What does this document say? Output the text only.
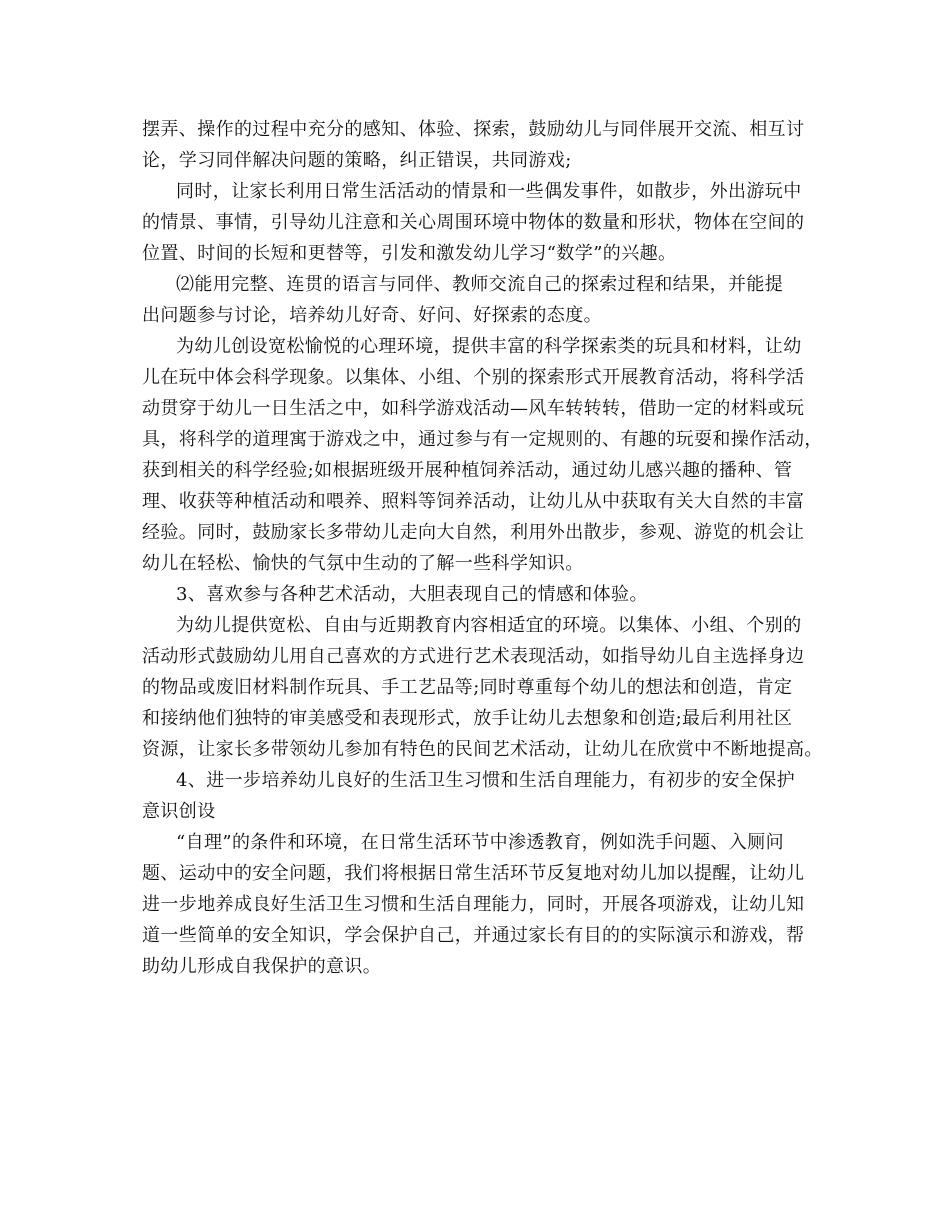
摆弄、操作的过程中充分的感知、体验、探索，鼓励幼儿与同伴展开交流、相互讨

论，学习同伴解决问题的策略，纠正错误，共同游戏;

同时，让家长利用日常生活活动的情景和一些偶发事件，如散步，外出游玩中

的情景、事情，引导幼儿注意和关心周围环境中物体的数量和形状，物体在空间的

位置、时间的长短和更替等，引发和激发幼儿学习“数学”的兴趣。

⑵能用完整、连贯的语言与同伴、教师交流自己的探索过程和结果，并能提

出问题参与讨论，培养幼儿好奇、好问、好探索的态度。

为幼儿创设宽松愉悦的心理环境，提供丰富的科学探索类的玩具和材料，让幼

儿在玩中体会科学现象。以集体、小组、个别的探索形式开展教育活动，将科学活

动贯穿于幼儿一日生活之中，如科学游戏活动—风车转转转，借助一定的材料或玩

具，将科学的道理寓于游戏之中，通过参与有一定规则的、有趣的玩耍和操作活动，

获到相关的科学经验;如根据班级开展种植饲养活动，通过幼儿感兴趣的播种、管

理、收获等种植活动和喂养、照料等饲养活动，让幼儿从中获取有关大自然的丰富

经验。同时，鼓励家长多带幼儿走向大自然，利用外出散步，参观、游览的机会让

幼儿在轻松、愉快的气氛中生动的了解一些科学知识。

3、喜欢参与各种艺术活动，大胆表现自己的情感和体验。

为幼儿提供宽松、自由与近期教育内容相适宜的环境。以集体、小组、个别的

活动形式鼓励幼儿用自己喜欢的方式进行艺术表现活动，如指导幼儿自主选择身边

的物品或废旧材料制作玩具、手工艺品等;同时尊重每个幼儿的想法和创造，肯定

和接纳他们独特的审美感受和表现形式，放手让幼儿去想象和创造;最后利用社区

资源，让家长多带领幼儿参加有特色的民间艺术活动，让幼儿在欣赏中不断地提高。

4、进一步培养幼儿良好的生活卫生习惯和生活自理能力，有初步的安全保护

意识创设

“自理”的条件和环境，在日常生活环节中渗透教育，例如洗手问题、入厕问

题、运动中的安全问题，我们将根据日常生活环节反复地对幼儿加以提醒，让幼儿

进一步地养成良好生活卫生习惯和生活自理能力，同时，开展各项游戏，让幼儿知

道一些简单的安全知识，学会保护自己，并通过家长有目的的实际演示和游戏，帮

助幼儿形成自我保护的意识。
